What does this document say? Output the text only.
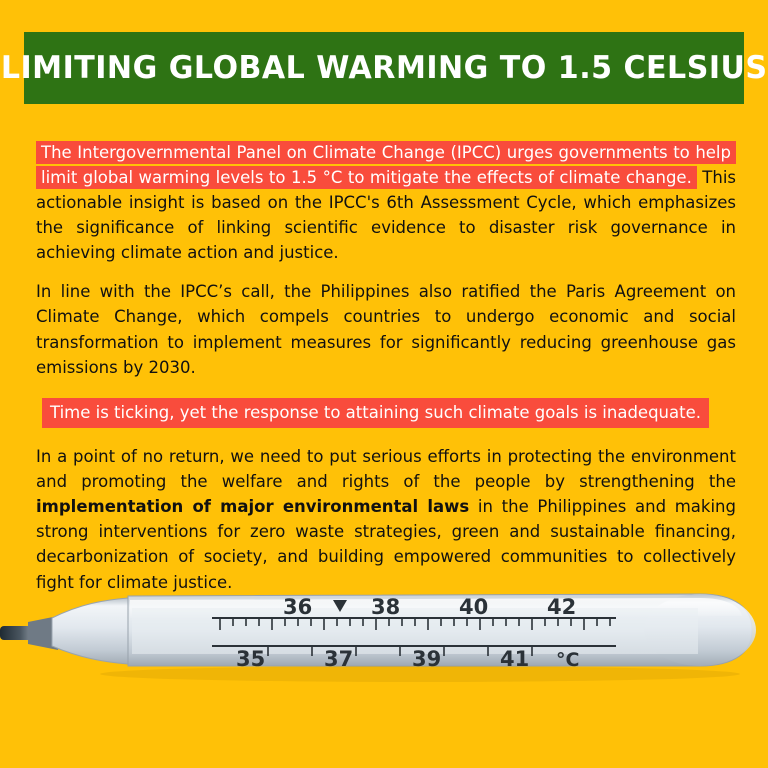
LIMITING GLOBAL WARMING TO 1.5 CELSIUS

The Intergovernmental Panel on Climate Change (IPCC) urges governments to help limit global warming levels to 1.5 °C to mitigate the effects of climate change. This actionable insight is based on the IPCC's 6th Assessment Cycle, which emphasizes the significance of linking scientific evidence to disaster risk governance in achieving climate action and justice.

In line with the IPCC’s call, the Philippines also ratified the Paris Agreement on Climate Change, which compels countries to undergo economic and social transformation to implement measures for significantly reducing greenhouse gas emissions by 2030.

Time is ticking, yet the response to attaining such climate goals is inadequate.

In a point of no return, we need to put serious efforts in protecting the environment and promoting the welfare and rights of the people by strengthening the implementation of major environmental laws in the Philippines and making strong interventions for zero waste strategies, green and sustainable financing, decarbonization of society, and building empowered communities to collectively fight for climate justice.

36	38	40	42
35	37	39	41 °C
